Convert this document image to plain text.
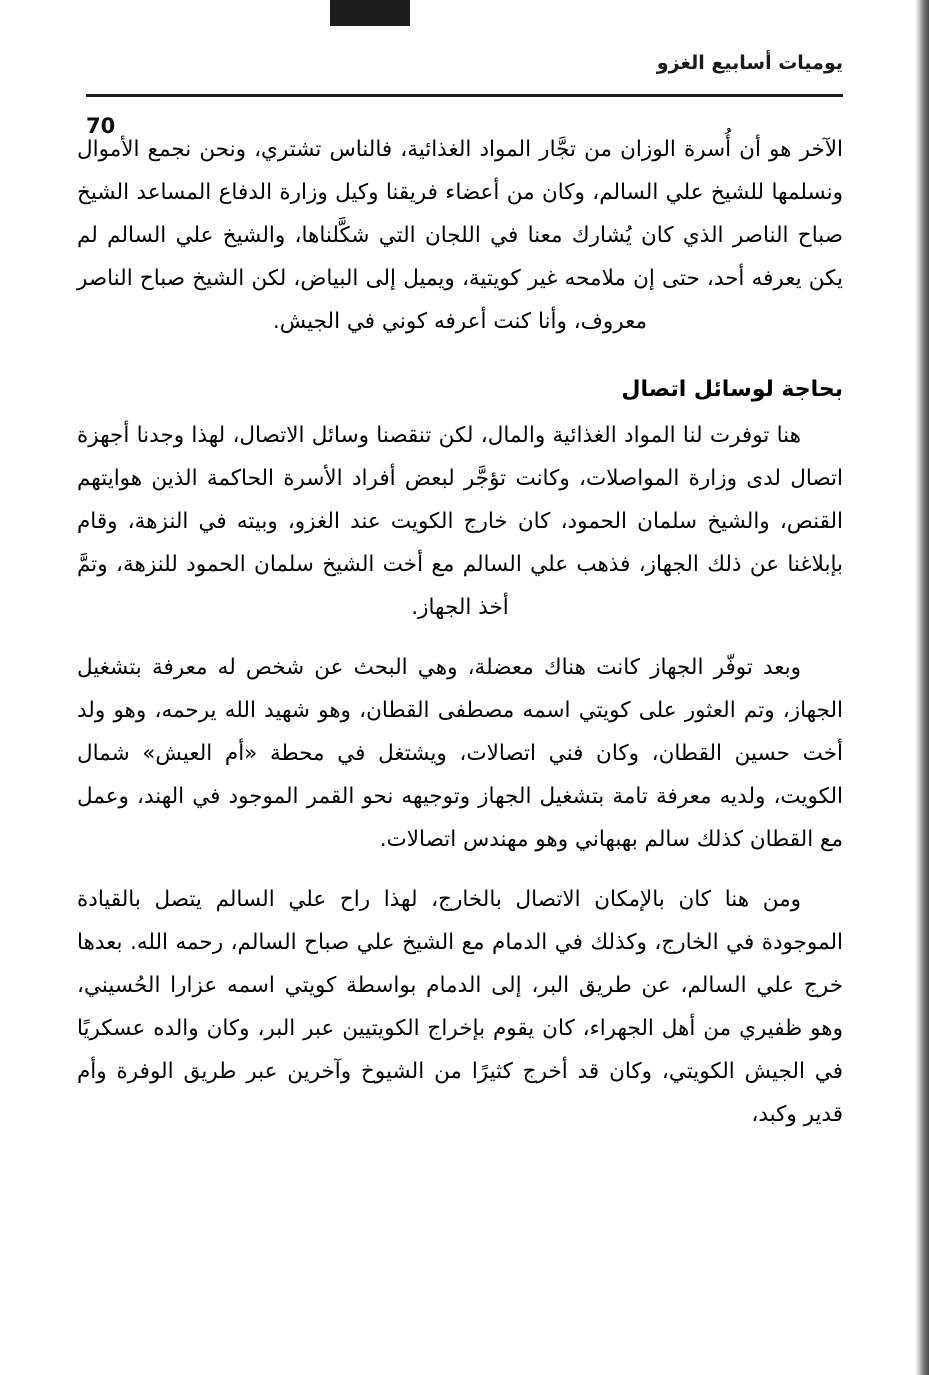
يوميات أسابيع الغزو
70

الآخر هو أن أُسرة الوزان من تجَّار المواد الغذائية، فالناس تشتري، ونحن نجمع الأموال ونسلمها للشيخ علي السالم، وكان من أعضاء فريقنا وكيل وزارة الدفاع المساعد الشيخ صباح الناصر الذي كان يُشارك معنا في اللجان التي شكَّلناها، والشيخ علي السالم لم يكن يعرفه أحد، حتى إن ملامحه غير كويتية، ويميل إلى البياض، لكن الشيخ صباح الناصر معروف، وأنا كنت أعرفه كوني في الجيش.

بحاجة لوسائل اتصال

هنا توفرت لنا المواد الغذائية والمال، لكن تنقصنا وسائل الاتصال، لهذا وجدنا أجهزة اتصال لدى وزارة المواصلات، وكانت تؤجَّر لبعض أفراد الأسرة الحاكمة الذين هوايتهم القنص، والشيخ سلمان الحمود، كان خارج الكويت عند الغزو، وبيته في النزهة، وقام بإبلاغنا عن ذلك الجهاز، فذهب علي السالم مع أخت الشيخ سلمان الحمود للنزهة، وتمَّ أخذ الجهاز.

وبعد توفّر الجهاز كانت هناك معضلة، وهي البحث عن شخص له معرفة بتشغيل الجهاز، وتم العثور على كويتي اسمه مصطفى القطان، وهو شهيد الله يرحمه، وهو ولد أخت حسين القطان، وكان فني اتصالات، ويشتغل في محطة «أم العيش» شمال الكويت، ولديه معرفة تامة بتشغيل الجهاز وتوجيهه نحو القمر الموجود في الهند، وعمل مع القطان كذلك سالم بهبهاني وهو مهندس اتصالات.

ومن هنا كان بالإمكان الاتصال بالخارج، لهذا راح علي السالم يتصل بالقيادة الموجودة في الخارج، وكذلك في الدمام مع الشيخ علي صباح السالم، رحمه الله. بعدها خرج علي السالم، عن طريق البر، إلى الدمام بواسطة كويتي اسمه عزارا الحُسيني، وهو ظفيري من أهل الجهراء، كان يقوم بإخراج الكويتيين عبر البر، وكان والده عسكريًا في الجيش الكويتي، وكان قد أخرج كثيرًا من الشيوخ وآخرين عبر طريق الوفرة وأم قدير وكبد،
